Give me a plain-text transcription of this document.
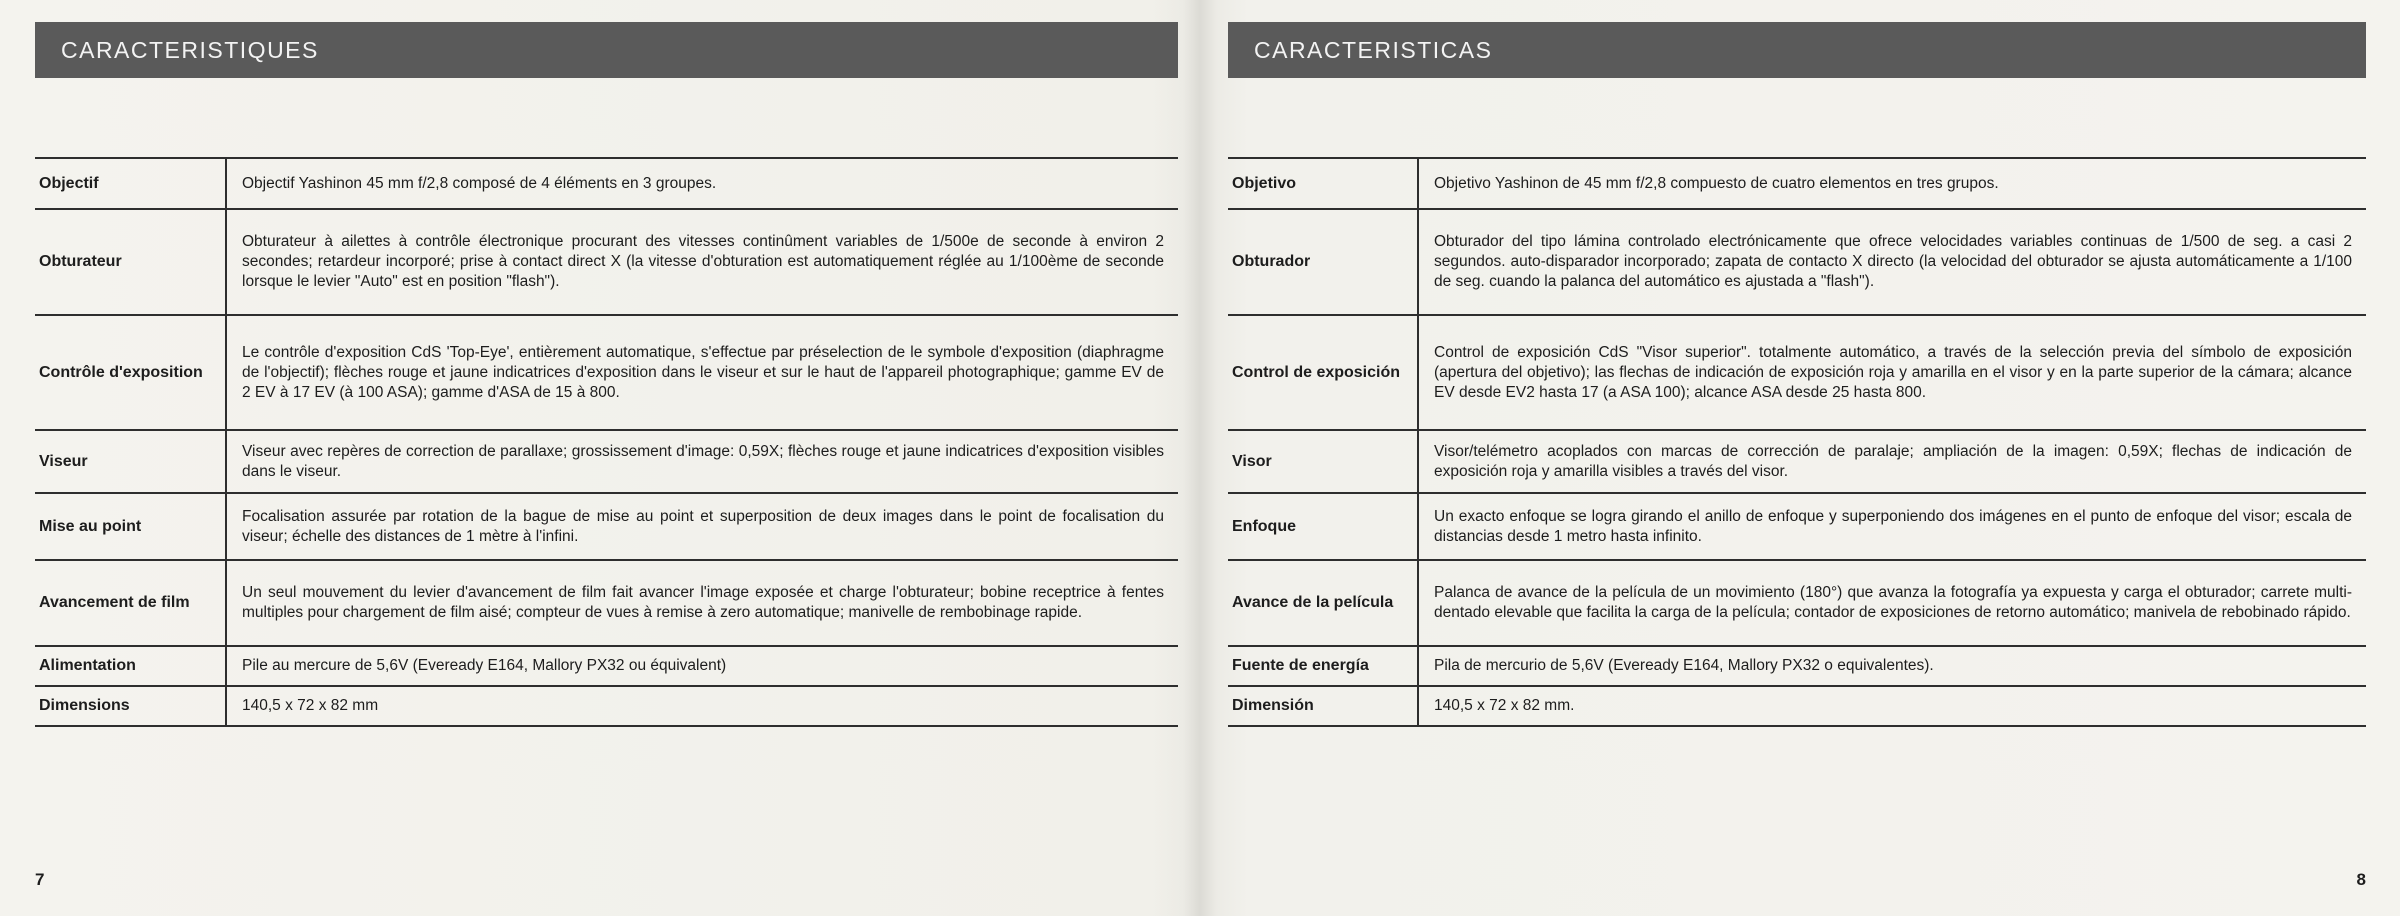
CARACTERISTIQUES
Objectif	Objectif Yashinon 45 mm f/2,8 composé de 4 éléments en 3 groupes.
Obturateur	Obturateur à ailettes à contrôle électronique procurant des vitesses continûment variables de 1/500e de seconde à environ 2 secondes; retardeur incorporé; prise à contact direct X (la vitesse d'obturation est automatiquement réglée au 1/100ème de seconde lorsque le levier "Auto" est en position "flash").
Contrôle d'exposition	Le contrôle d'exposition CdS 'Top-Eye', entièrement automatique, s'effectue par préselection de le symbole d'exposition (diaphragme de l'objectif); flèches rouge et jaune indicatrices d'exposition dans le viseur et sur le haut de l'appareil photographique; gamme EV de 2 EV à 17 EV (à 100 ASA); gamme d'ASA de 15 à 800.
Viseur	Viseur avec repères de correction de parallaxe; grossissement d'image: 0,59X; flèches rouge et jaune indicatrices d'exposition visibles dans le viseur.
Mise au point	Focalisation assurée par rotation de la bague de mise au point et superposition de deux images dans le point de focalisation du viseur; échelle des distances de 1 mètre à l'infini.
Avancement de film	Un seul mouvement du levier d'avancement de film fait avancer l'image exposée et charge l'obturateur; bobine receptrice à fentes multiples pour chargement de film aisé; compteur de vues à remise à zero automatique; manivelle de rembobinage rapide.
Alimentation	Pile au mercure de 5,6V (Eveready E164, Mallory PX32 ou équivalent)
Dimensions	140,5 x 72 x 82 mm
7
CARACTERISTICAS
Objetivo	Objetivo Yashinon de 45 mm f/2,8 compuesto de cuatro elementos en tres grupos.
Obturador	Obturador del tipo lámina controlado electrónicamente que ofrece velocidades variables continuas de 1/500 de seg. a casi 2 segundos. auto-disparador incorporado; zapata de contacto X directo (la velocidad del obturador se ajusta automáticamente a 1/100 de seg. cuando la palanca del automático es ajustada a "flash").
Control de exposición	Control de exposición CdS "Visor superior". totalmente automático, a través de la selección previa del símbolo de exposición (apertura del objetivo); las flechas de indicación de exposición roja y amarilla en el visor y en la parte superior de la cámara; alcance EV desde EV2 hasta 17 (a ASA 100); alcance ASA desde 25 hasta 800.
Visor	Visor/telémetro acoplados con marcas de corrección de paralaje; ampliación de la imagen: 0,59X; flechas de indicación de exposición roja y amarilla visibles a través del visor.
Enfoque	Un exacto enfoque se logra girando el anillo de enfoque y superponiendo dos imágenes en el punto de enfoque del visor; escala de distancias desde 1 metro hasta infinito.
Avance de la película	Palanca de avance de la película de un movimiento (180°) que avanza la fotografía ya expuesta y carga el obturador; carrete multi-dentado elevable que facilita la carga de la película; contador de exposiciones de retorno automático; manivela de rebobinado rápido.
Fuente de energía	Pila de mercurio de 5,6V (Eveready E164, Mallory PX32 o equivalentes).
Dimensión	140,5 x 72 x 82 mm.
8
